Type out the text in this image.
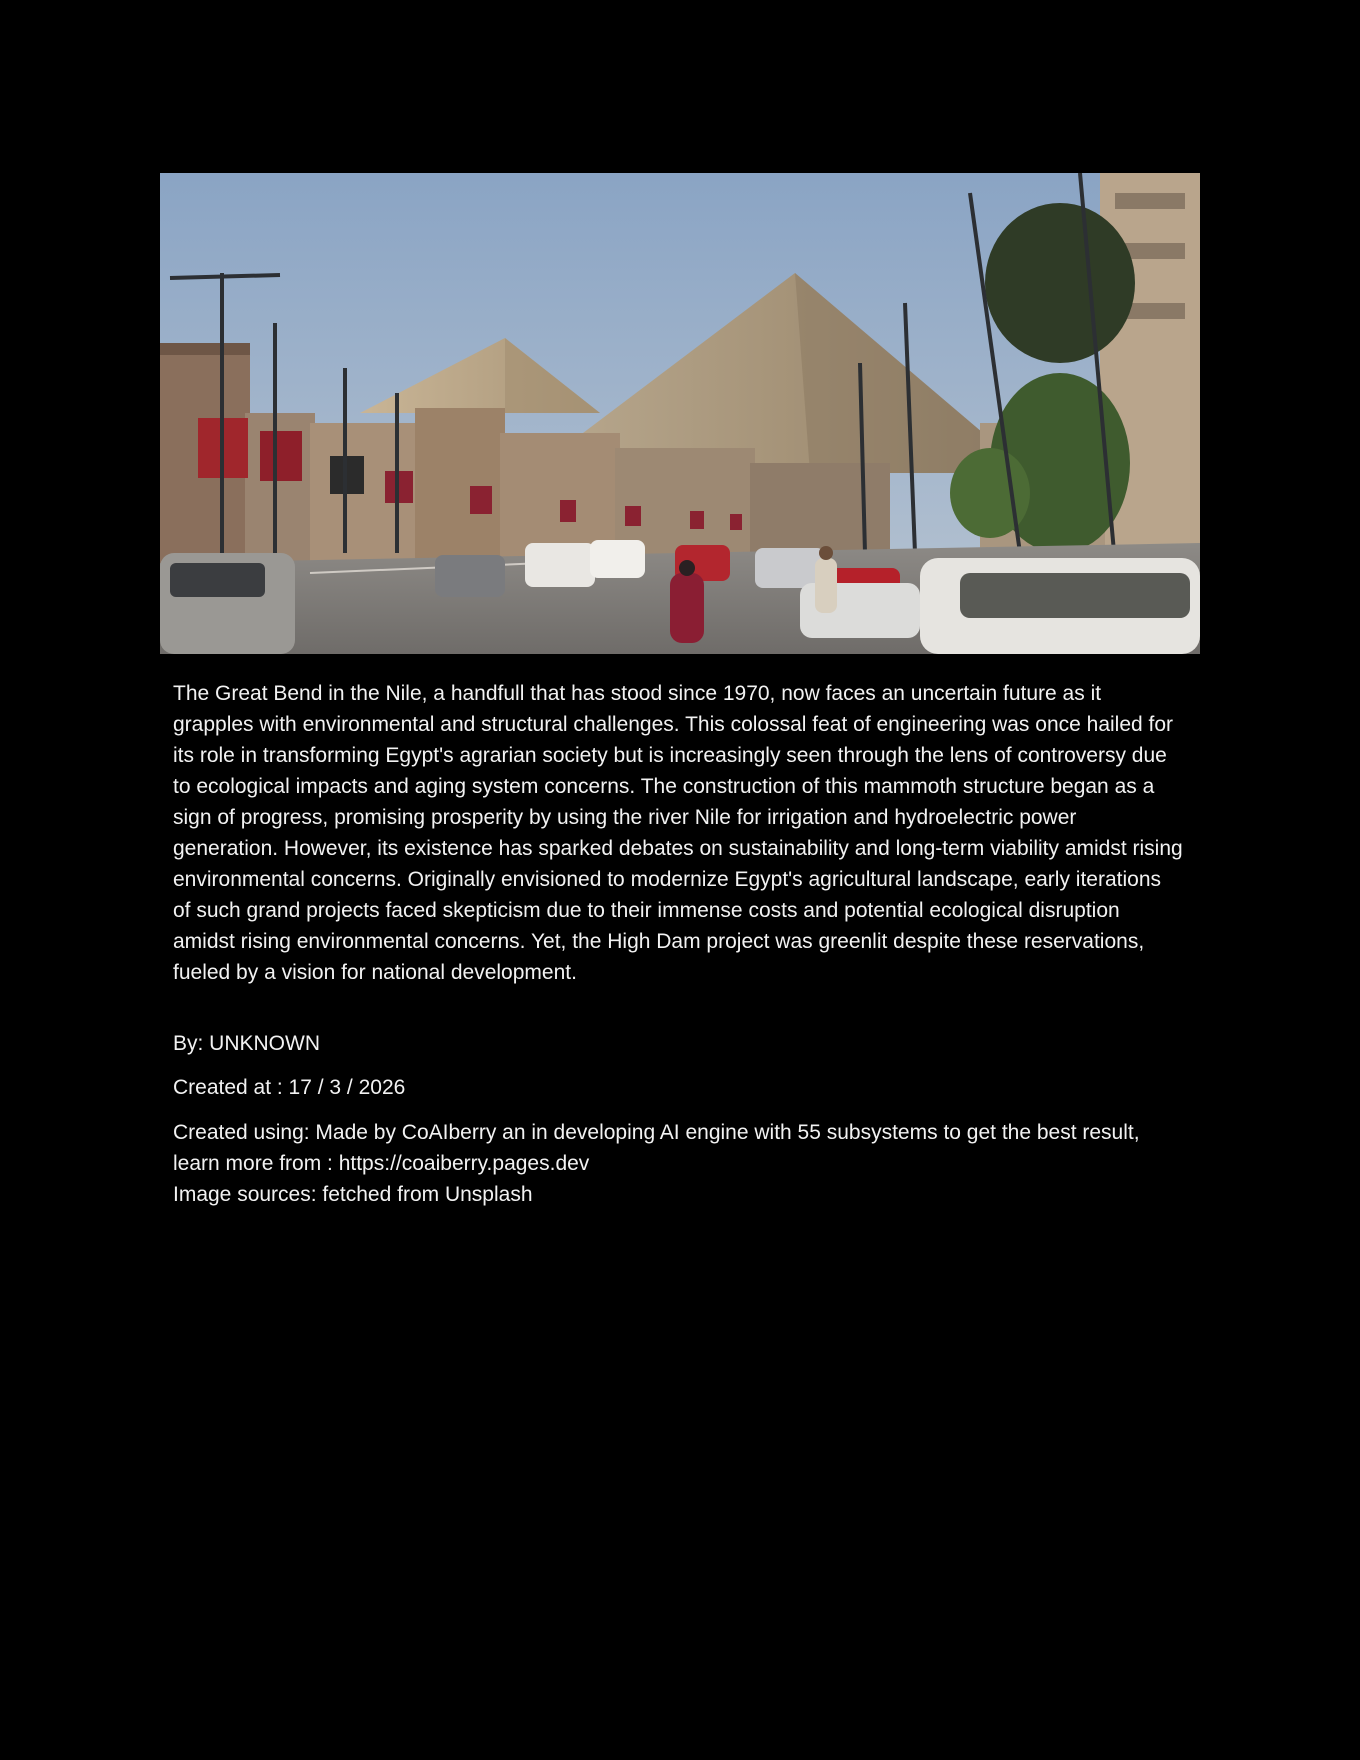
The Great Bend in the Nile, a handfull that has stood since 1970, now faces an uncertain future as it grapples with environmental and structural challenges. This colossal feat of engineering was once hailed for its role in transforming Egypt's agrarian society but is increasingly seen through the lens of controversy due to ecological impacts and aging system concerns. The construction of this mammoth structure began as a sign of progress, promising prosperity by using the river Nile for irrigation and hydroelectric power generation. However, its existence has sparked debates on sustainability and long-term viability amidst rising environmental concerns. Originally envisioned to modernize Egypt's agricultural landscape, early iterations of such grand projects faced skepticism due to their immense costs and potential ecological disruption amidst rising environmental concerns. Yet, the High Dam project was greenlit despite these reservations, fueled by a vision for national development.

By: UNKNOWN

Created at : 17 / 3 / 2026

Created using: Made by CoAIberry an in developing AI engine with 55 subsystems to get the best result, learn more from : https://coaiberry.pages.dev

Image sources: fetched from Unsplash
